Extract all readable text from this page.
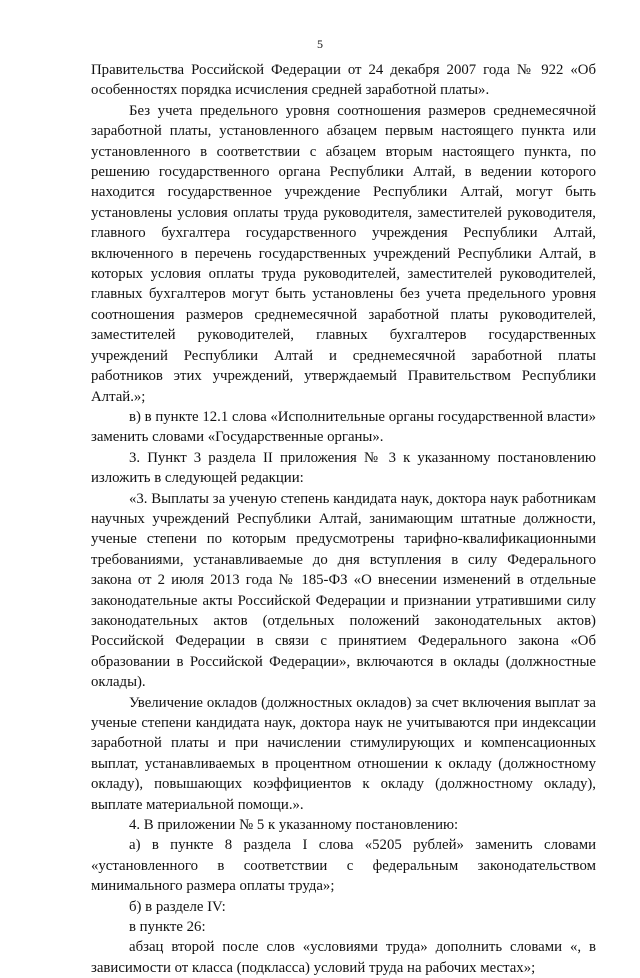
5

Правительства Российской Федерации от 24 декабря 2007 года № 922 «Об особенностях порядка исчисления средней заработной платы».

Без учета предельного уровня соотношения размеров среднемесячной заработной платы, установленного абзацем первым настоящего пункта или установленного в соответствии с абзацем вторым настоящего пункта, по решению государственного органа Республики Алтай, в ведении которого находится государственное учреждение Республики Алтай, могут быть установлены условия оплаты труда руководителя, заместителей руководителя, главного бухгалтера государственного учреждения Республики Алтай, включенного в перечень государственных учреждений Республики Алтай, в которых условия оплаты труда руководителей, заместителей руководителей, главных бухгалтеров могут быть установлены без учета предельного уровня соотношения размеров среднемесячной заработной платы руководителей, заместителей руководителей, главных бухгалтеров государственных учреждений Республики Алтай и среднемесячной заработной платы работников этих учреждений, утверждаемый Правительством Республики Алтай.»;

в) в пункте 12.1 слова «Исполнительные органы государственной власти» заменить словами «Государственные органы».

3. Пункт 3 раздела II приложения № 3 к указанному постановлению изложить в следующей редакции:

«3. Выплаты за ученую степень кандидата наук, доктора наук работникам научных учреждений Республики Алтай, занимающим штатные должности, ученые степени по которым предусмотрены тарифно-квалификационными требованиями, устанавливаемые до дня вступления в силу Федерального закона от 2 июля 2013 года № 185-ФЗ «О внесении изменений в отдельные законодательные акты Российской Федерации и признании утратившими силу законодательных актов (отдельных положений законодательных актов) Российской Федерации в связи с принятием Федерального закона «Об образовании в Российской Федерации», включаются в оклады (должностные оклады).

Увеличение окладов (должностных окладов) за счет включения выплат за ученые степени кандидата наук, доктора наук не учитываются при индексации заработной платы и при начислении стимулирующих и компенсационных выплат, устанавливаемых в процентном отношении к окладу (должностному окладу), повышающих коэффициентов к окладу (должностному окладу), выплате материальной помощи.».

4. В приложении № 5 к указанному постановлению:

а) в пункте 8 раздела I слова «5205 рублей» заменить словами «установленного в соответствии с федеральным законодательством минимального размера оплаты труда»;

б) в разделе IV:

в пункте 26:

абзац второй после слов «условиями труда» дополнить словами «, в зависимости от класса (подкласса) условий труда на рабочих местах»;
